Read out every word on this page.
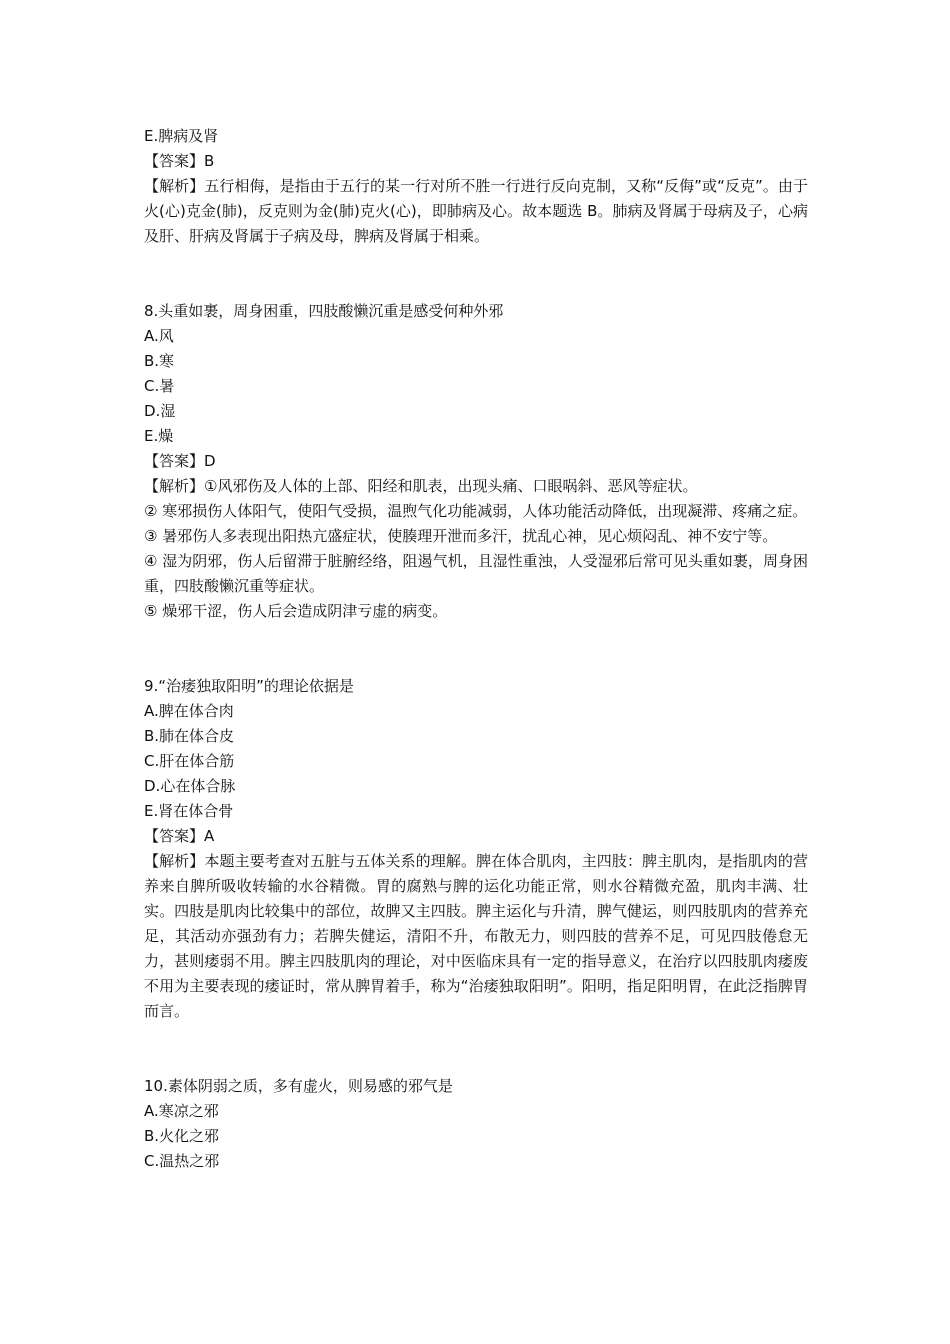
E.脾病及肾

【答案】B

【解析】五行相侮，是指由于五行的某一行对所不胜一行进行反向克制，又称“反侮”或“反克”。由于火(心)克金(肺)，反克则为金(肺)克火(心)，即肺病及心。故本题选 B。肺病及肾属于母病及子，心病及肝、肝病及肾属于子病及母，脾病及肾属于相乘。

8.头重如裹，周身困重，四肢酸懒沉重是感受何种外邪

A.风

B.寒

C.暑

D.湿

E.燥

【答案】D

【解析】①风邪伤及人体的上部、阳经和肌表，出现头痛、口眼㖞斜、恶风等症状。

② 寒邪损伤人体阳气，使阳气受损，温煦气化功能减弱，人体功能活动降低，出现凝滞、疼痛之症。

③ 暑邪伤人多表现出阳热亢盛症状，使腠理开泄而多汗，扰乱心神，见心烦闷乱、神不安宁等。

④ 湿为阴邪，伤人后留滞于脏腑经络，阻遏气机，且湿性重浊，人受湿邪后常可见头重如裹，周身困重，四肢酸懒沉重等症状。

⑤ 燥邪干涩，伤人后会造成阴津亏虚的病变。

9.“治痿独取阳明”的理论依据是

A.脾在体合肉

B.肺在体合皮

C.肝在体合筋

D.心在体合脉

E.肾在体合骨

【答案】A

【解析】本题主要考查对五脏与五体关系的理解。脾在体合肌肉，主四肢：脾主肌肉，是指肌肉的营养来自脾所吸收转输的水谷精微。胃的腐熟与脾的运化功能正常，则水谷精微充盈，肌肉丰满、壮实。四肢是肌肉比较集中的部位，故脾又主四肢。脾主运化与升清，脾气健运，则四肢肌肉的营养充足，其活动亦强劲有力；若脾失健运，清阳不升，布散无力，则四肢的营养不足，可见四肢倦怠无力，甚则痿弱不用。脾主四肢肌肉的理论，对中医临床具有一定的指导意义，在治疗以四肢肌肉痿废不用为主要表现的痿证时，常从脾胃着手，称为“治痿独取阳明”。阳明，指足阳明胃，在此泛指脾胃而言。

10.素体阴弱之质，多有虚火，则易感的邪气是

A.寒凉之邪

B.火化之邪

C.温热之邪
